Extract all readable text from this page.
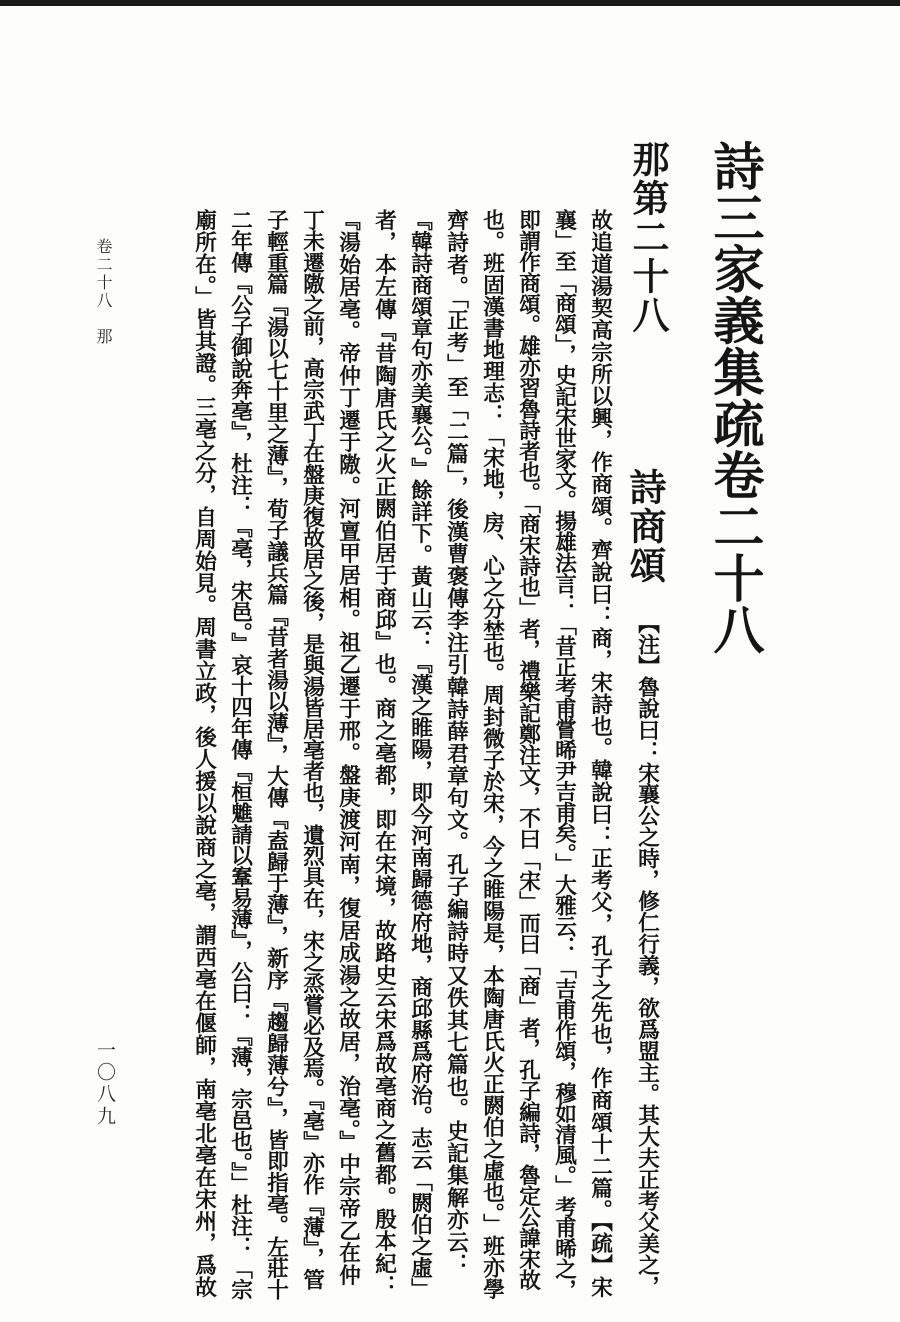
詩三家義集疏卷二十八
詩商頌
那第二十八
【注】魯說曰：宋襄公之時，修仁行義，欲爲盟主。其大夫正考父美之，
故追道湯契高宗所以興，作商頌。齊說曰：商，宋詩也。韓說曰：正考父，孔子之先也，作商頌十二篇。【疏】宋
襄」至「商頌」，史記宋世家文。揚雄法言：「昔正考甫嘗晞尹吉甫矣。」大雅云：「吉甫作頌，穆如清風。」考甫晞之，
即謂作商頌。雄亦習魯詩者也。「商宋詩也」者，禮樂記鄭注文，不曰「宋」而曰「商」者，孔子編詩，魯定公諱宋故
也。班固漢書地理志：「宋地，房、心之分埜也。周封微子於宋，今之睢陽是，本陶唐氏火正閼伯之虛也。」班亦學
齊詩者。「正考」至「二篇」，後漢曹褒傳李注引韓詩薛君章句文。孔子編詩時又佚其七篇也。史記集解亦云：
『韓詩商頌章句亦美襄公。』餘詳下。黃山云：『漢之睢陽，即今河南歸德府地，商邱縣爲府治。志云「閼伯之虛」
者，本左傳『昔陶唐氏之火正閼伯居于商邱』也。商之亳都，即在宋境，故路史云宋爲故亳商之舊都。殷本紀：
『湯始居亳。帝仲丁遷于隞。河亶甲居相。祖乙遷于邢。盤庚渡河南，復居成湯之故居，治亳。』中宗帝乙在仲
丁未遷隞之前，高宗武丁在盤庚復故居之後，是與湯皆居亳者也，遺烈具在，宋之烝嘗必及焉。『亳』亦作『薄』，管
子輕重篇『湯以七十里之薄』，荀子議兵篇『昔者湯以薄』，大傳『盍歸于薄』，新序『趨歸薄兮』，皆即指亳。左莊十
二年傳『公子御說奔亳』，杜注：『亳，宋邑。』哀十四年傳『桓魋請以鞌易薄』，公曰：『薄，宗邑也。』」杜注：「宗
廟所在。」皆其證。三亳之分，自周始見。周書立政，後人援以說商之亳，謂西亳在偃師，南亳北亳在宋州，爲故
卷二十八　那
一〇八九
